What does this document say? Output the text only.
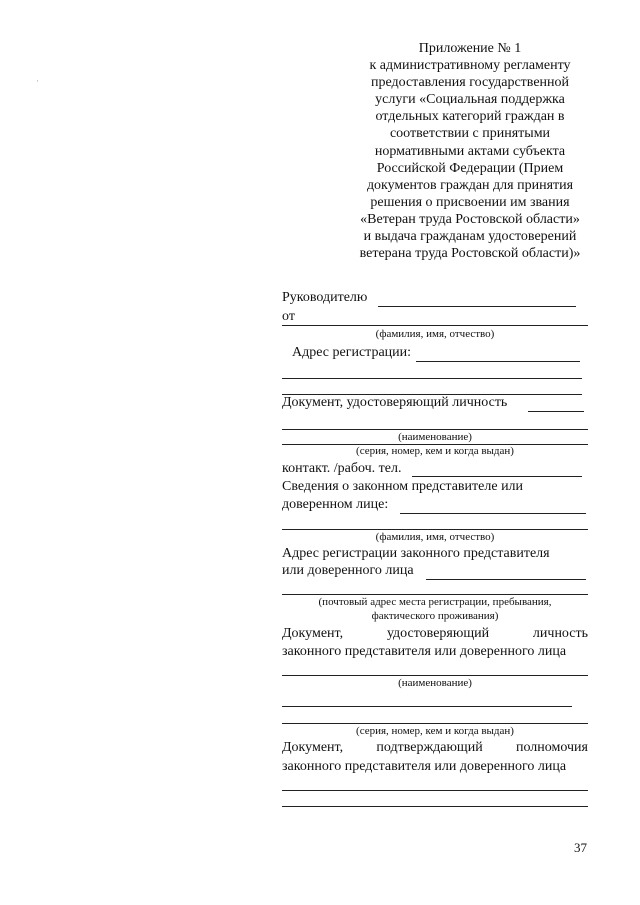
·
Приложение № 1
к административному регламенту
предоставления государственной
услуги «Социальная поддержка
отдельных категорий граждан в
соответствии с принятыми
нормативными актами субъекта
Российской Федерации (Прием
документов граждан для принятия
решения о присвоении им звания
«Ветеран труда Ростовской области»
и выдача гражданам удостоверений
ветерана труда Ростовской области)»
Руководителю
от
(фамилия, имя, отчество)
Адрес регистрации:
Документ, удостоверяющий личность
(наименование)
(серия, номер, кем и когда выдан)
контакт. /рабоч. тел.
Сведения о законном представителе или
доверенном лице:
(фамилия, имя, отчество)
Адрес регистрации законного представителя
или доверенного лица
(почтовый адрес места регистрации, пребывания,
фактического проживания)
Документ,	удостоверяющий	личность
законного представителя или доверенного лица
(наименование)
(серия, номер, кем и когда выдан)
Документ, подтверждающий полномочия
законного представителя или доверенного лица
37
